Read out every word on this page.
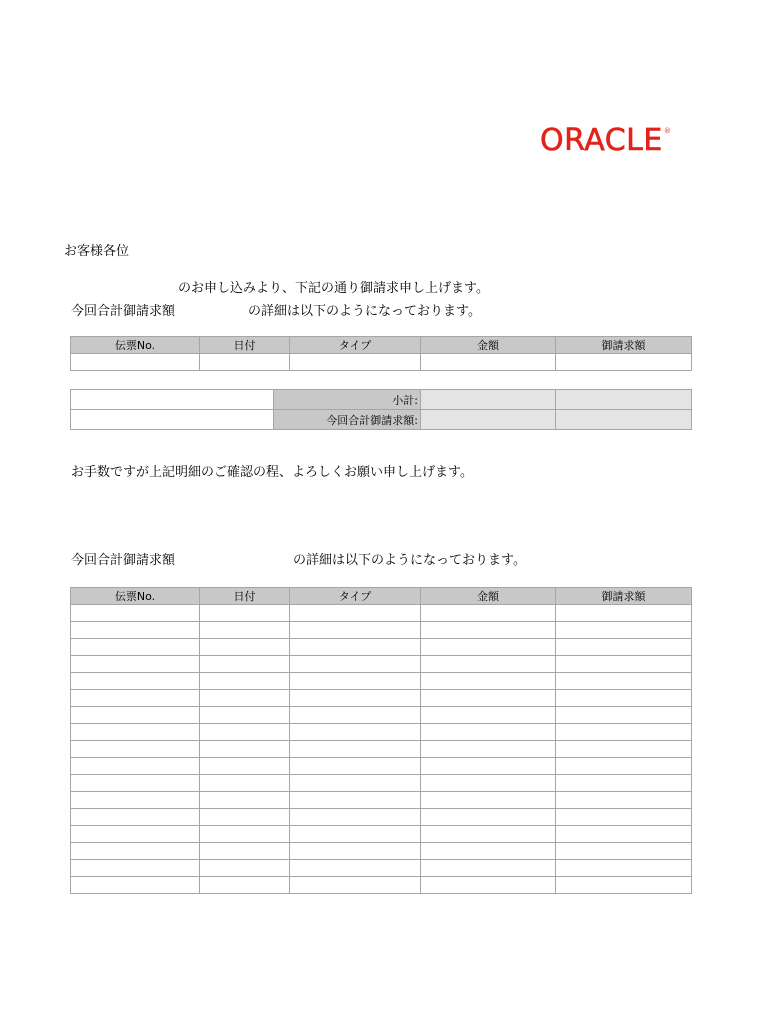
ORACLE®
お客様各位
のお申し込みより、下記の通り御請求申し上げます。
今回合計御請求額	の詳細は以下のようになっております。
伝票No.	日付	タイプ	金額	御請求額

	小計:		
	今回合計御請求額:		
お手数ですが上記明細のご確認の程、よろしくお願い申し上げます。
今回合計御請求額	の詳細は以下のようになっております。
伝票No.	日付	タイプ	金額	御請求額
